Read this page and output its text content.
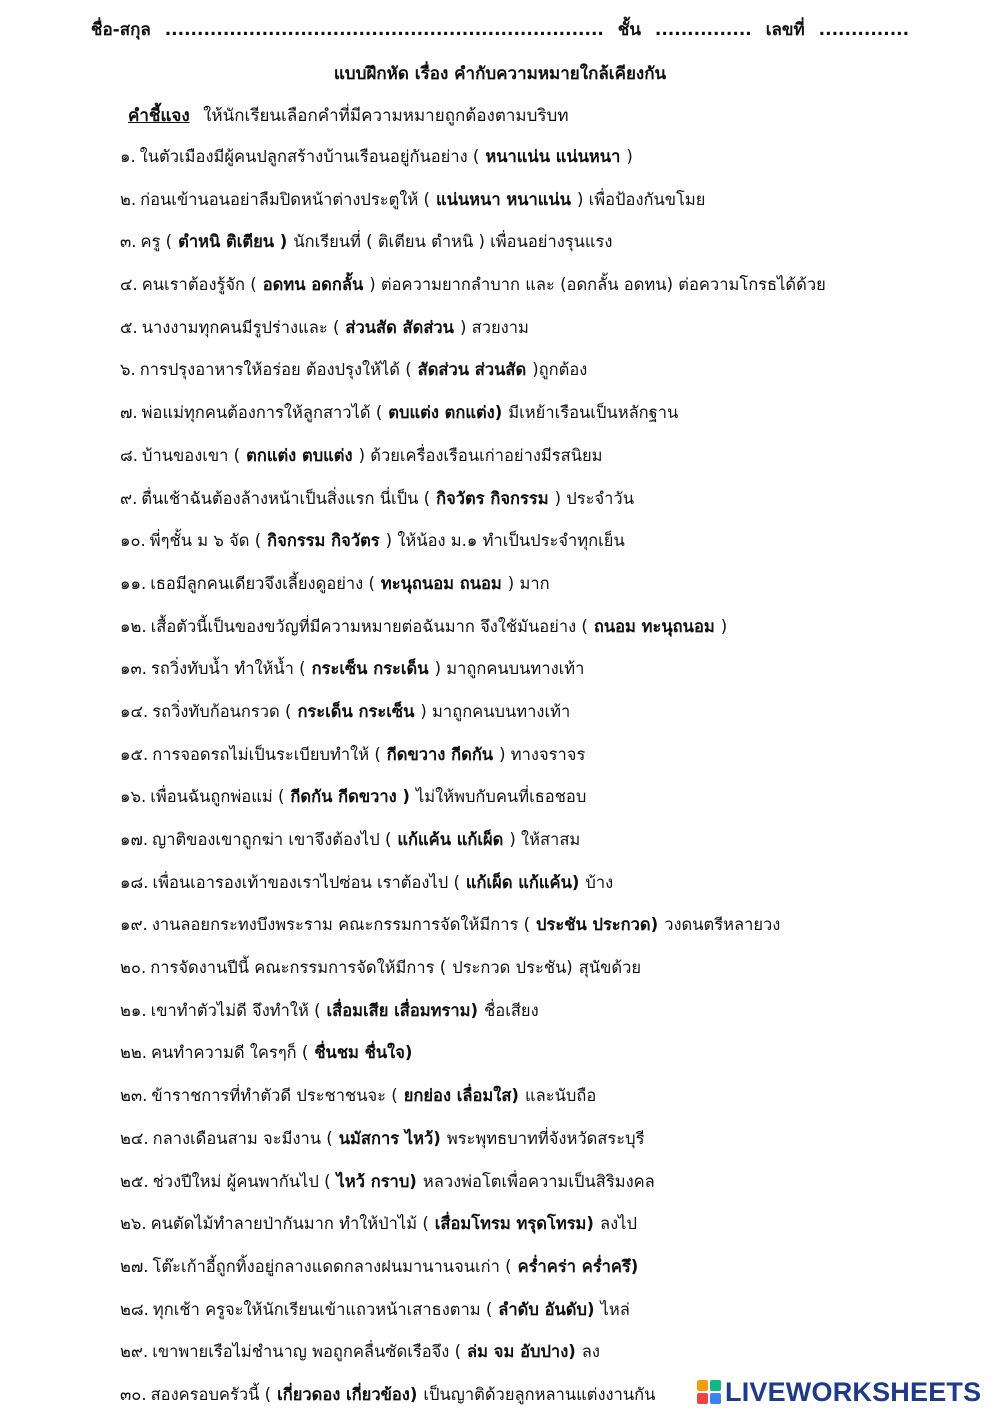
ชื่อ-สกุล .................................................................... ชั้น ............... เลขที่ ..............
แบบฝึกหัด เรื่อง คำกับความหมายใกล้เคียงกัน
คำชี้แจง ให้นักเรียนเลือกคำที่มีความหมายถูกต้องตามบริบท
๑. ในตัวเมืองมีผู้คนปลูกสร้างบ้านเรือนอยู่กันอย่าง ( หนาแน่น แน่นหนา )
๒. ก่อนเข้านอนอย่าลืมปิดหน้าต่างประตูให้ ( แน่นหนา หนาแน่น ) เพื่อป้องกันขโมย
๓. ครู ( ตำหนิ ติเตียน ) นักเรียนที่ ( ติเตียน ตำหนิ ) เพื่อนอย่างรุนแรง
๔. คนเราต้องรู้จัก ( อดทน อดกลั้น ) ต่อความยากลำบาก และ (อดกลั้น อดทน) ต่อความโกรธได้ด้วย
๕. นางงามทุกคนมีรูปร่างและ ( ส่วนสัด สัดส่วน ) สวยงาม
๖. การปรุงอาหารให้อร่อย ต้องปรุงให้ได้ ( สัดส่วน ส่วนสัด )ถูกต้อง
๗. พ่อแม่ทุกคนต้องการให้ลูกสาวได้ ( ตบแต่ง ตกแต่ง) มีเหย้าเรือนเป็นหลักฐาน
๘. บ้านของเขา ( ตกแต่ง ตบแต่ง ) ด้วยเครื่องเรือนเก่าอย่างมีรสนิยม
๙. ตื่นเช้าฉันต้องล้างหน้าเป็นสิ่งแรก นี่เป็น ( กิจวัตร กิจกรรม ) ประจำวัน
๑๐. พี่ๆชั้น ม ๖ จัด ( กิจกรรม กิจวัตร ) ให้น้อง ม.๑ ทำเป็นประจำทุกเย็น
๑๑. เธอมีลูกคนเดียวจึงเลี้ยงดูอย่าง ( ทะนุถนอม ถนอม ) มาก
๑๒. เสื้อตัวนี้เป็นของขวัญที่มีความหมายต่อฉันมาก จึงใช้มันอย่าง ( ถนอม ทะนุถนอม )
๑๓. รถวิ่งทับน้ำ ทำให้น้ำ ( กระเซ็น กระเด็น ) มาถูกคนบนทางเท้า
๑๔. รถวิ่งทับก้อนกรวด ( กระเด็น กระเซ็น ) มาถูกคนบนทางเท้า
๑๕. การจอดรถไม่เป็นระเบียบทำให้ ( กีดขวาง กีดกัน ) ทางจราจร
๑๖. เพื่อนฉันถูกพ่อแม่ ( กีดกัน กีดขวาง ) ไม่ให้พบกับคนที่เธอชอบ
๑๗. ญาติของเขาถูกฆ่า เขาจึงต้องไป ( แก้แค้น แก้เผ็ด ) ให้สาสม
๑๘. เพื่อนเอารองเท้าของเราไปซ่อน เราต้องไป ( แก้เผ็ด แก้แค้น) บ้าง
๑๙. งานลอยกระทงบึงพระราม คณะกรรมการจัดให้มีการ ( ประชัน ประกวด) วงดนตรีหลายวง
๒๐. การจัดงานปีนี้ คณะกรรมการจัดให้มีการ ( ประกวด ประชัน) สุนัขด้วย
๒๑. เขาทำตัวไม่ดี จึงทำให้ ( เสื่อมเสีย เสื่อมทราม) ชื่อเสียง
๒๒. คนทำความดี ใครๆก็ ( ชื่นชม ชื่นใจ)
๒๓. ข้าราชการที่ทำตัวดี ประชาชนจะ ( ยกย่อง เลื่อมใส) และนับถือ
๒๔. กลางเดือนสาม จะมีงาน ( นมัสการ ไหว้) พระพุทธบาทที่จังหวัดสระบุรี
๒๕. ช่วงปีใหม่ ผู้คนพากันไป ( ไหว้ กราบ) หลวงพ่อโตเพื่อความเป็นสิริมงคล
๒๖. คนตัดไม้ทำลายป่ากันมาก ทำให้ป่าไม้ ( เสื่อมโทรม ทรุดโทรม) ลงไป
๒๗. โต๊ะเก้าอี้ถูกทิ้งอยู่กลางแดดกลางฝนมานานจนเก่า ( คร่ำคร่า คร่ำครึ)
๒๘. ทุกเช้า ครูจะให้นักเรียนเข้าแถวหน้าเสาธงตาม ( ลำดับ อันดับ) ไหล่
๒๙. เขาพายเรือไม่ชำนาญ พอถูกคลื่นซัดเรือจึง ( ล่ม จม อับปาง) ลง
๓๐. สองครอบครัวนี้ ( เกี่ยวดอง เกี่ยวข้อง) เป็นญาติด้วยลูกหลานแต่งงานกัน	LIVEWORKSHEETS
